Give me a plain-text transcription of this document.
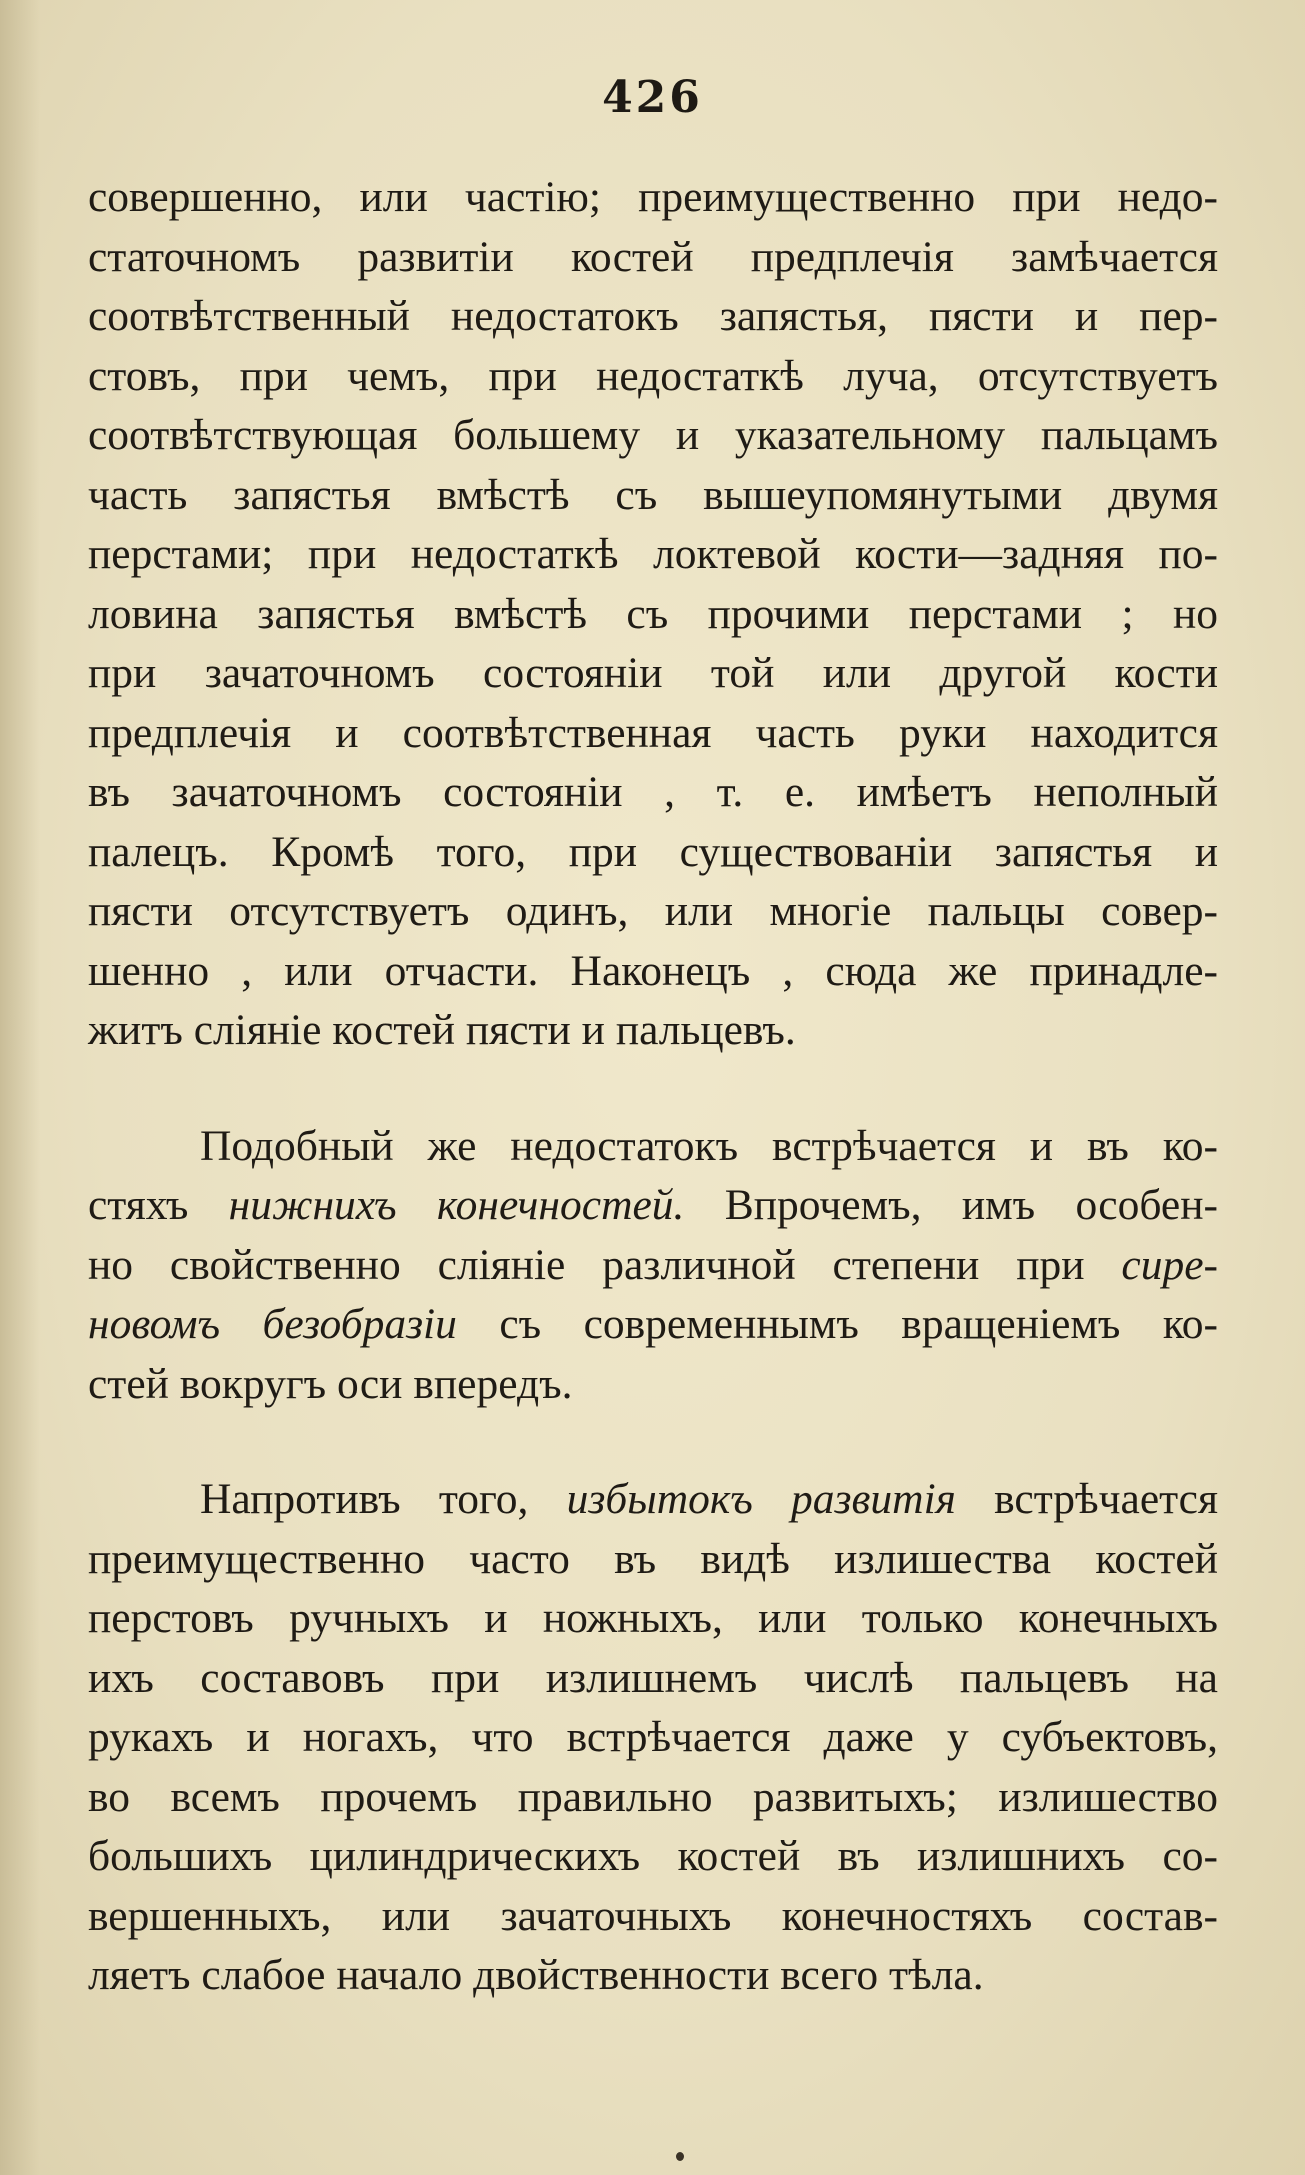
426

совершенно, или частію; преимущественно при недо-
статочномъ развитіи костей предплечія замѣчается
соотвѣтственный недостатокъ запястья, пясти и пер-
стовъ, при чемъ, при недостаткѣ луча, отсутствуетъ
соотвѣтствующая большему и указательному пальцамъ
часть запястья вмѣстѣ съ вышеупомянутыми двумя
перстами; при недостаткѣ локтевой кости—задняя по-
ловина запястья вмѣстѣ съ прочими перстами ; но
при зачаточномъ состояніи той или другой кости
предплечія и соотвѣтственная часть руки находится
въ зачаточномъ состояніи , т. е. имѣетъ неполный
палецъ. Кромѣ того, при существованіи запястья и
пясти отсутствуетъ одинъ, или многіе пальцы совер-
шенно , или отчасти. Наконецъ , сюда же принадле-
житъ сліяніе костей пясти и пальцевъ.

Подобный же недостатокъ встрѣчается и въ ко-
стяхъ нижнихъ конечностей. Впрочемъ, имъ особен-
но свойственно сліяніе различной степени при сире-
новомъ безобразіи съ современнымъ вращеніемъ ко-
стей вокругъ оси впередъ.

Напротивъ того, избытокъ развитія встрѣчается
преимущественно часто въ видѣ излишества костей
перстовъ ручныхъ и ножныхъ, или только конечныхъ
ихъ составовъ при излишнемъ числѣ пальцевъ на
рукахъ и ногахъ, что встрѣчается даже у субъектовъ,
во всемъ прочемъ правильно развитыхъ; излишество
большихъ цилиндрическихъ костей въ излишнихъ со-
вершенныхъ, или зачаточныхъ конечностяхъ состав-
ляетъ слабое начало двойственности всего тѣла.
